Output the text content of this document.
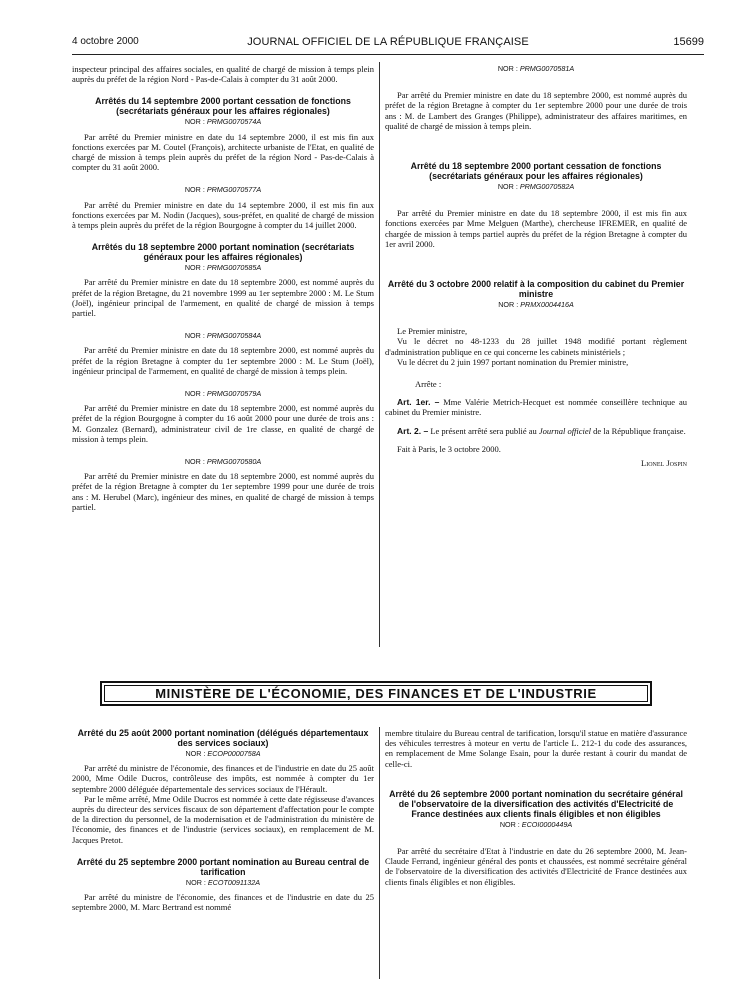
4 octobre 2000	JOURNAL OFFICIEL DE LA RÉPUBLIQUE FRANÇAISE	15699

inspecteur principal des affaires sociales, en qualité de chargé de mission à temps plein auprès du préfet de la région Nord - Pas-de-Calais à compter du 31 août 2000.

Arrêtés du 14 septembre 2000 portant cessation de fonctions (secrétariats généraux pour les affaires régionales)
NOR : PRMG0070574A

Par arrêté du Premier ministre en date du 14 septembre 2000, il est mis fin aux fonctions exercées par M. Coutel (François), architecte urbaniste de l'Etat, en qualité de chargé de mission à temps plein auprès du préfet de la région Nord - Pas-de-Calais à compter du 31 août 2000.

NOR : PRMG0070577A

Par arrêté du Premier ministre en date du 14 septembre 2000, il est mis fin aux fonctions exercées par M. Nodin (Jacques), sous-préfet, en qualité de chargé de mission à temps plein auprès du préfet de la région Bourgogne à compter du 14 juillet 2000.

Arrêtés du 18 septembre 2000 portant nomination (secrétariats généraux pour les affaires régionales)
NOR : PRMG0070585A

Par arrêté du Premier ministre en date du 18 septembre 2000, est nommé auprès du préfet de la région Bretagne, du 21 novembre 1999 au 1er septembre 2000 : M. Le Stum (Joël), ingénieur principal de l'armement, en qualité de chargé de mission à temps partiel.

NOR : PRMG0070584A

Par arrêté du Premier ministre en date du 18 septembre 2000, est nommé auprès du préfet de la région Bretagne à compter du 1er septembre 2000 : M. Le Stum (Joël), ingénieur principal de l'armement, en qualité de chargé de mission à temps plein.

NOR : PRMG0070579A

Par arrêté du Premier ministre en date du 18 septembre 2000, est nommé auprès du préfet de la région Bourgogne à compter du 16 août 2000 pour une durée de trois ans : M. Gonzalez (Bernard), administrateur civil de 1re classe, en qualité de chargé de mission à temps plein.

NOR : PRMG0070580A

Par arrêté du Premier ministre en date du 18 septembre 2000, est nommé auprès du préfet de la région Bretagne à compter du 1er septembre 1999 pour une durée de trois ans : M. Herubel (Marc), ingénieur des mines, en qualité de chargé de mission à temps partiel.

NOR : PRMG0070581A

Par arrêté du Premier ministre en date du 18 septembre 2000, est nommé auprès du préfet de la région Bretagne à compter du 1er septembre 2000 pour une durée de trois ans : M. de Lambert des Granges (Philippe), administrateur des affaires maritimes, en qualité de chargé de mission à temps plein.

Arrêté du 18 septembre 2000 portant cessation de fonctions (secrétariats généraux pour les affaires régionales)
NOR : PRMG0070582A

Par arrêté du Premier ministre en date du 18 septembre 2000, il est mis fin aux fonctions exercées par Mme Melguen (Marthe), chercheuse IFREMER, en qualité de chargée de mission à temps partiel auprès du préfet de la région Bretagne à compter du 1er avril 2000.

Arrêté du 3 octobre 2000 relatif à la composition du cabinet du Premier ministre
NOR : PRMX0004416A

Le Premier ministre,

Vu le décret no 48-1233 du 28 juillet 1948 modifié portant règlement d'administration publique en ce qui concerne les cabinets ministériels ;

Vu le décret du 2 juin 1997 portant nomination du Premier ministre,

Arrête :

Art. 1er. – Mme Valérie Metrich-Hecquet est nommée conseillère technique au cabinet du Premier ministre.

Art. 2. – Le présent arrêté sera publié au Journal officiel de la République française.

Fait à Paris, le 3 octobre 2000.

Lionel Jospin
MINISTÈRE DE L'ÉCONOMIE, DES FINANCES ET DE L'INDUSTRIE
Arrêté du 25 août 2000 portant nomination (délégués départementaux des services sociaux)
NOR : ECOP0000758A

Par arrêté du ministre de l'économie, des finances et de l'industrie en date du 25 août 2000, Mme Odile Ducros, contrôleuse des impôts, est nommée à compter du 1er septembre 2000 déléguée départementale des services sociaux de l'Hérault.

Par le même arrêté, Mme Odile Ducros est nommée à cette date régisseuse d'avances auprès du directeur des services fiscaux de son département d'affectation pour le compte de la direction du personnel, de la modernisation et de l'administration du ministère de l'économie, des finances et de l'industrie (services sociaux), en remplacement de M. Jacques Pretot.

Arrêté du 25 septembre 2000 portant nomination au Bureau central de tarification
NOR : ECOT0091132A

Par arrêté du ministre de l'économie, des finances et de l'industrie en date du 25 septembre 2000, M. Marc Bertrand est nommé

membre titulaire du Bureau central de tarification, lorsqu'il statue en matière d'assurance des véhicules terrestres à moteur en vertu de l'article L. 212-1 du code des assurances, en remplacement de Mme Solange Esain, pour la durée restant à courir du mandat de celle-ci.

Arrêté du 26 septembre 2000 portant nomination du secrétaire général de l'observatoire de la diversification des activités d'Electricité de France destinées aux clients finals éligibles et non éligibles
NOR : ECOI0000449A

Par arrêté du secrétaire d'Etat à l'industrie en date du 26 septembre 2000, M. Jean-Claude Ferrand, ingénieur général des ponts et chaussées, est nommé secrétaire général de l'observatoire de la diversification des activités d'Electricité de France destinées aux clients finals éligibles et non éligibles.
